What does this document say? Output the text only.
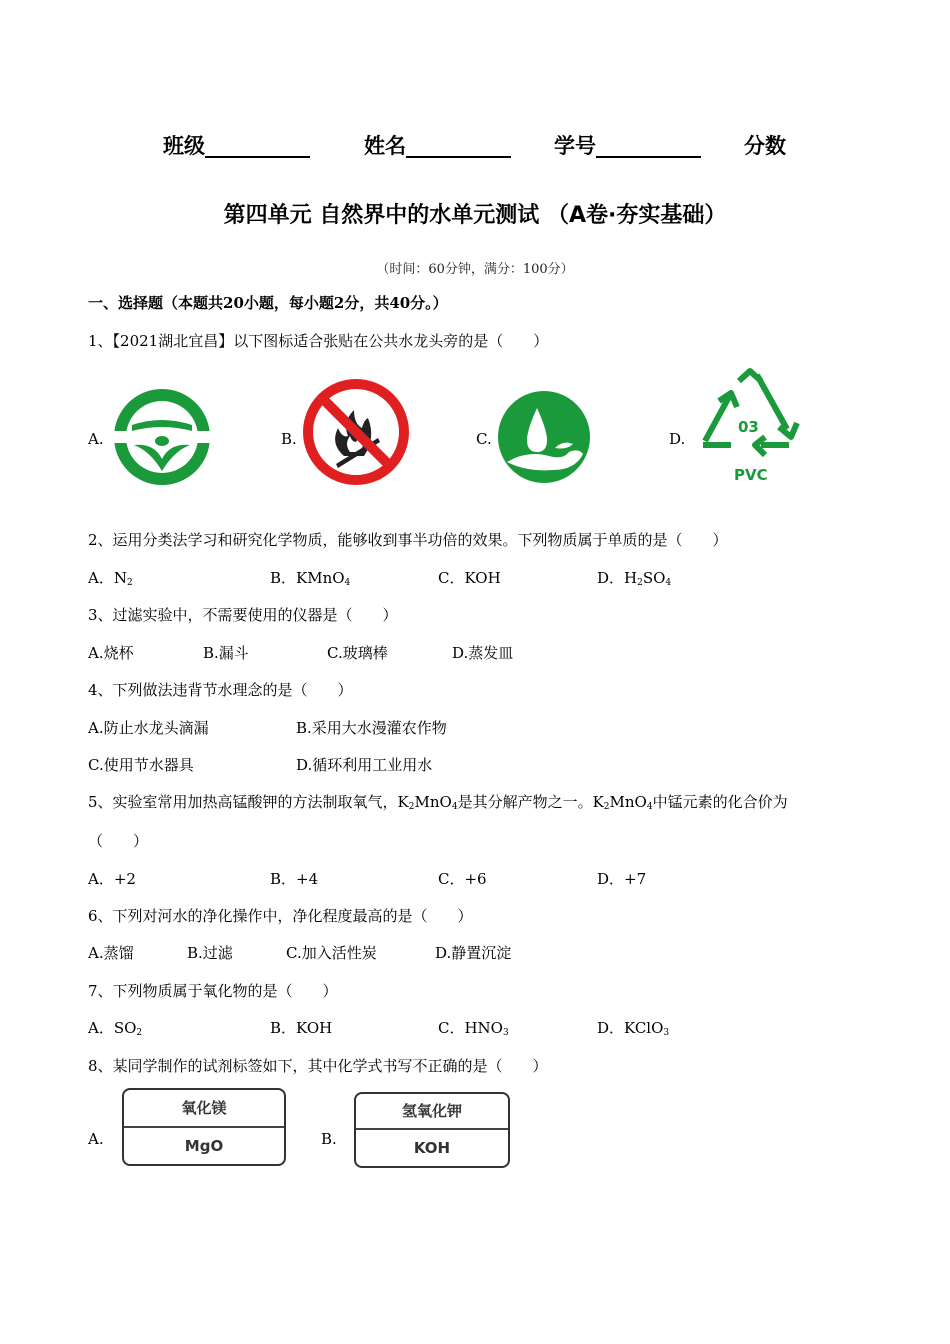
班级__________	姓名__________ 学号__________ 分数
第四单元 自然界中的水单元测试 （A卷·夯实基础）
（时间：60分钟，满分：100分）
一、选择题（本题共20小题，每小题2分，共40分。）
1、【2021湖北宜昌】以下图标适合张贴在公共水龙头旁的是（　　）
A.	B.	C.	D.
03
PVC
2、运用分类法学习和研究化学物质，能够收到事半功倍的效果。下列物质属于单质的是（　　）
A．$N_2$	B．KMnO$_4$	C．KOH	D．$H_2SO_4$
3、过滤实验中，不需要使用的仪器是（　　）
A.烧杯	B.漏斗	C.玻璃棒	D.蒸发皿
4、下列做法违背节水理念的是（　　）
A.防止水龙头滴漏	B.采用大水漫灌农作物
C.使用节水器具	D.循环利用工业用水
5、实验室常用加热高锰酸钾的方法制取氧气，$K_2MnO_4$是其分解产物之一。$K_2MnO_4$中锰元素的化合价为
（　　）
A．+2	B．+4	C．+6	D．+7
6、下列对河水的净化操作中，净化程度最高的是（　　）
A.蒸馏	B.过滤	C.加入活性炭	D.静置沉淀
7、下列物质属于氧化物的是（　　）
A．$SO_2$	B．KOH	C．$HNO_3$	D．KClO$_3$
8、某同学制作的试剂标签如下，其中化学式书写不正确的是（　　）
A.	B.
氧化镁
MgO
氢氧化钾
KOH
